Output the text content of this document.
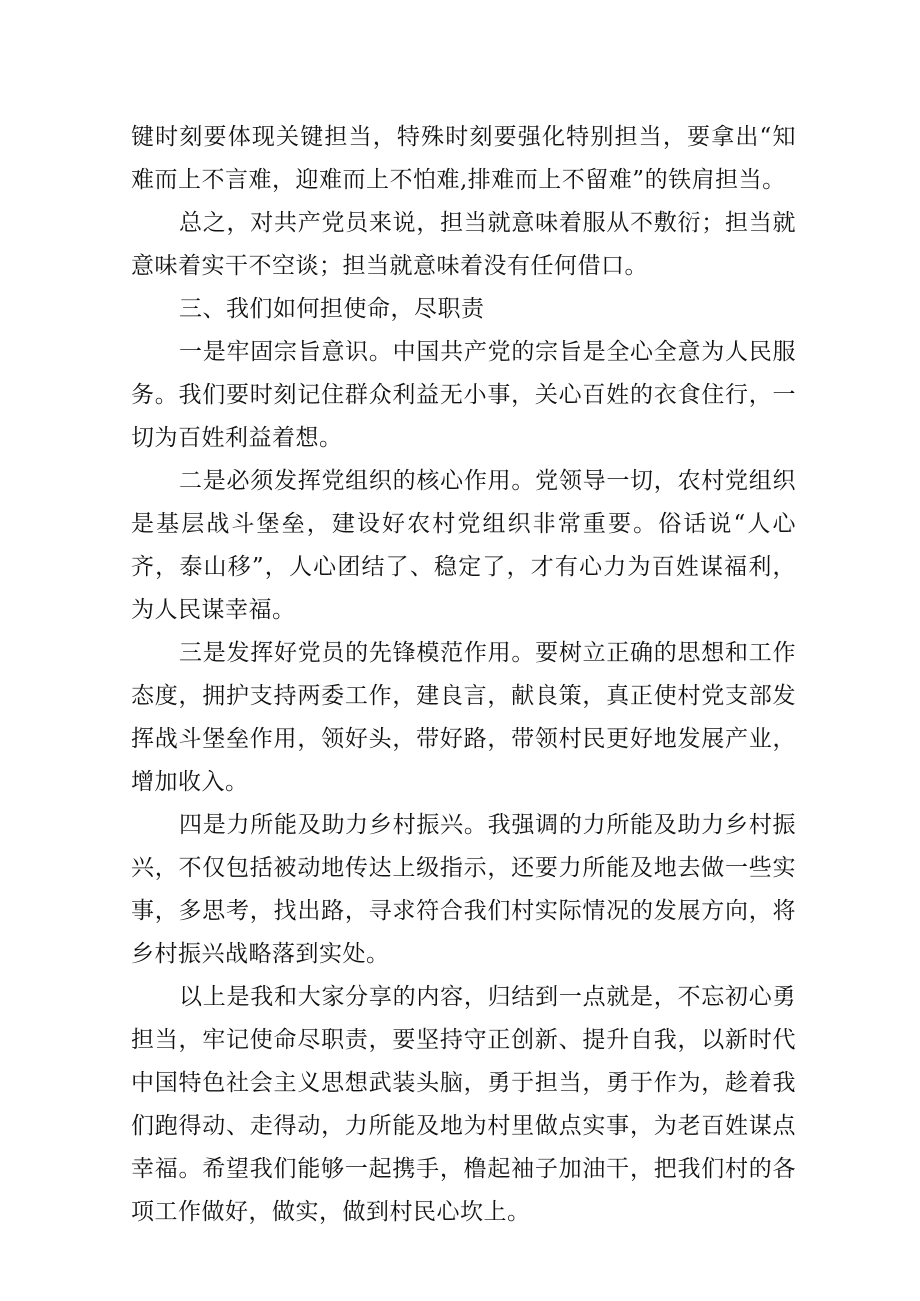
键时刻要体现关键担当，特殊时刻要强化特别担当，要拿出“知难而上不言难，迎难而上不怕难,排难而上不留难”的铁肩担当。

总之，对共产党员来说，担当就意味着服从不敷衍；担当就意味着实干不空谈；担当就意味着没有任何借口。

三、我们如何担使命，尽职责

一是牢固宗旨意识。中国共产党的宗旨是全心全意为人民服务。我们要时刻记住群众利益无小事，关心百姓的衣食住行，一切为百姓利益着想。

二是必须发挥党组织的核心作用。党领导一切，农村党组织是基层战斗堡垒，建设好农村党组织非常重要。俗话说“人心齐，泰山移”，人心团结了、稳定了，才有心力为百姓谋福利，为人民谋幸福。

三是发挥好党员的先锋模范作用。要树立正确的思想和工作态度，拥护支持两委工作，建良言，献良策，真正使村党支部发挥战斗堡垒作用，领好头，带好路，带领村民更好地发展产业，增加收入。

四是力所能及助力乡村振兴。我强调的力所能及助力乡村振兴，不仅包括被动地传达上级指示，还要力所能及地去做一些实事，多思考，找出路，寻求符合我们村实际情况的发展方向，将乡村振兴战略落到实处。

以上是我和大家分享的内容，归结到一点就是，不忘初心勇担当，牢记使命尽职责，要坚持守正创新、提升自我，以新时代中国特色社会主义思想武装头脑，勇于担当，勇于作为，趁着我们跑得动、走得动，力所能及地为村里做点实事，为老百姓谋点幸福。希望我们能够一起携手，橹起袖子加油干，把我们村的各项工作做好，做实，做到村民心坎上。
